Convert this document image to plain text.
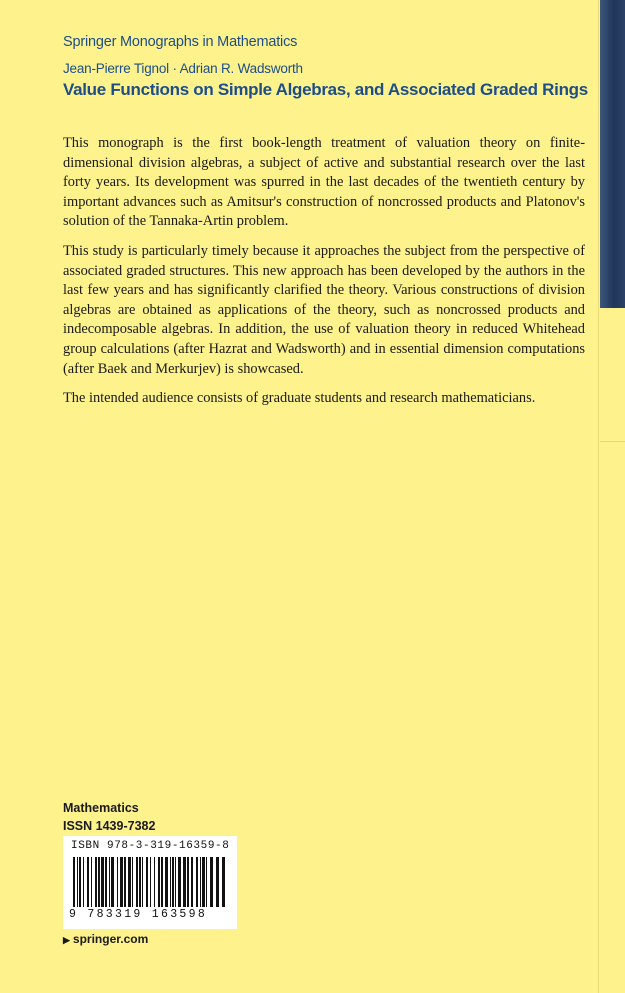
Springer Monographs in Mathematics
Jean-Pierre Tignol · Adrian R. Wadsworth
Value Functions on Simple Algebras, and Associated Graded Rings

This monograph is the first book-length treatment of valuation theory on finite-dimensional division algebras, a subject of active and substantial research over the last forty years. Its development was spurred in the last decades of the twentieth century by important advances such as Amitsur's construction of noncrossed products and Platonov's solution of the Tannaka-Artin problem.

This study is particularly timely because it approaches the subject from the perspective of associated graded structures. This new approach has been developed by the authors in the last few years and has significantly clarified the theory. Various constructions of division algebras are obtained as applications of the theory, such as noncrossed products and indecomposable algebras. In addition, the use of valuation theory in reduced Whitehead group calculations (after Hazrat and Wadsworth) and in essential dimension computations (after Baek and Merkurjev) is showcased.

The intended audience consists of graduate students and research mathematicians.

Mathematics
ISSN 1439-7382
ISBN 978-3-319-16359-8
9 783319 163598
▶ springer.com
